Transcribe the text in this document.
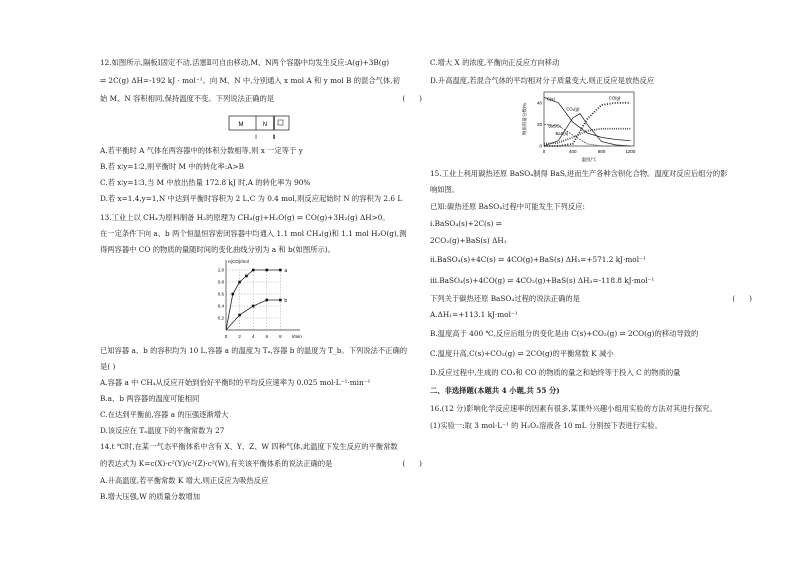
12.如图所示,隔板Ⅰ固定不动,活塞Ⅱ可自由移动,M、N两个容器中均发生反应:A(g)+3B(g)
⇌ 2C(g) ΔH=-192 kJ · mol⁻¹。向 M、N 中,分别通入 x mol A 和 y mol B 的混合气体,初
始 M、N 容积相同,保持温度不变。下列说法正确的是	(      )
M	N
Ⅰ	Ⅱ
A.若平衡时 A 气体在两容器中的体积分数相等,则 x 一定等于 y
B.若 x∶y=1∶2,则平衡时 M 中的转化率:A>B
C.若 x∶y=1∶3,当 M 中放出热量 172.8 kJ 时,A 的转化率为 90%
D.若 x=1.4,y=1,N 中达到平衡时容积为 2 L,C 为 0.4 mol,则反应起始时 N 的容积为 2.6 L
13.工业上以 CH₄为原料制备 H₂的原理为 CH₄(g)+H₂O(g) ⇌ CO(g)+3H₂(g) ΔH>0。
在一定条件下向 a、b 两个恒温恒容密闭容器中均通入 1.1 mol CH₄(g)和 1.1 mol H₂O(g),测
得两容器中 CO 的物质的量随时间的变化曲线分别为 a 和 b(如图所示)。
n(CO)/mol
t/min
0 2 4 6 8
0.2
0.4
0.6
0.8
1.0	a
b
已知容器 a、b 的容积均为 10 L,容器 a 的温度为 Tₐ,容器 b 的温度为 T_b。下列说法不正确的
是( )
A.容器 a 中 CH₄从反应开始到恰好平衡时的平均反应速率为 0.025 mol·L⁻¹·min⁻¹
B.a、b 两容器的温度可能相同
C.在达到平衡前,容器 a 的压强逐渐增大
D.该反应在 Tₐ温度下的平衡常数为 27
14.t ℃时,在某一气态平衡体系中含有 X、Y、Z、W 四种气体,此温度下发生反应的平衡常数
的表达式为 K=c(X)·c²(Y)/c²(Z)·c²(W),有关该平衡体系的说法正确的是	(      )
A.升高温度,若平衡常数 K 增大,则正反应为吸热反应
B.增大压强,W 的质量分数增加
C.增大 X 的浓度,平衡向正反应方向移动
D.升高温度,若混合气体的平均相对分子质量变大,则正反应是放热反应
物质的量分数/%
温度/℃
0	400	800	1200
0
20
40
C(s)	CO(g)
BaSO₄
BaS(s)
CO₂(g)
15.工业上利用碳热还原 BaSO₄制得 BaS,进而生产各种含钡化合物。温度对反应后组分的影
响如图。
已知:碳热还原 BaSO₄过程中可能发生下列反应:
ⅰ.BaSO₄(s)+2C(s) ⇌
2CO₂(g)+BaS(s) ΔH₁
ⅱ.BaSO₄(s)+4C(s) ⇌ 4CO(g)+BaS(s) ΔH₂=+571.2 kJ·mol⁻¹
ⅲ.BaSO₄(s)+4CO(g) ⇌ 4CO₂(g)+BaS(s) ΔH₃=-118.8 kJ·mol⁻¹
下列关于碳热还原 BaSO₄过程的说法正确的是	(      )
A.ΔH₁=+113.1 kJ·mol⁻¹
B.温度高于 400 ℃,反应后组分的变化是由 C(s)+CO₂(g) ⇌ 2CO(g)的移动导致的
C.温度升高,C(s)+CO₂(g) ⇌ 2CO(g)的平衡常数 K 减小
D.反应过程中,生成的 CO₂和 CO 的物质的量之和始终等于投入 C 的物质的量
二、非选择题(本题共 4 小题,共 55 分)
16.(12 分)影响化学反应速率的因素有很多,某课外兴趣小组用实验的方法对其进行探究。
(1)实验一:取 3 mol·L⁻¹ 的 H₂O₂溶液各 10 mL 分别按下表进行实验。
